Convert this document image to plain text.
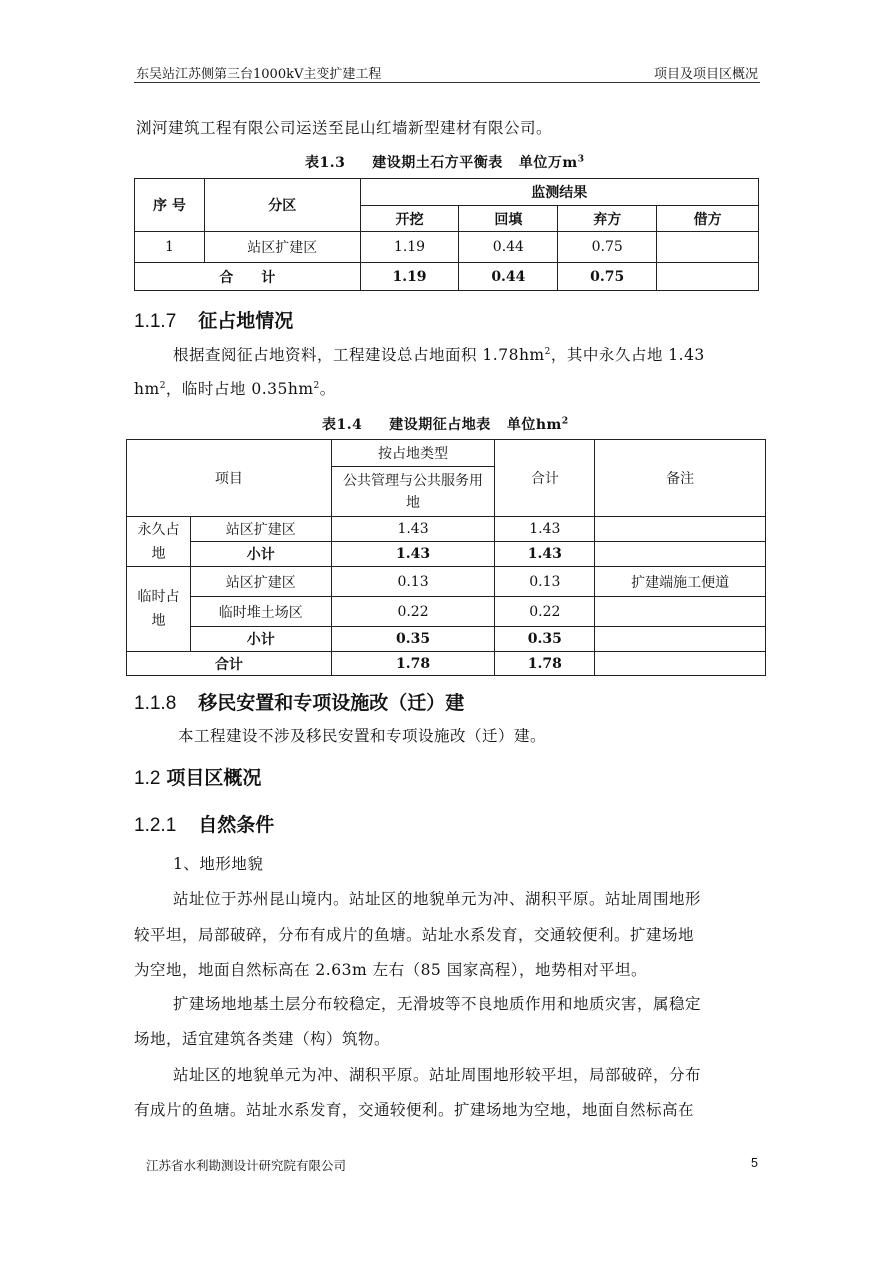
东吴站江苏侧第三台1000kV主变扩建工程	项目及项目区概况
浏河建筑工程有限公司运送至昆山红墙新型建材有限公司。
表1.3 建设期土石方平衡表 单位万$m^3$
序 号	分区	监测结果			
		开挖	回填	弃方	借方
1	站区扩建区	1.19	0.44	0.75	
合　　计		1.19	0.44	0.75	
1.1.7 征占地情况
根据查阅征占地资料，工程建设总占地面积 $1.78hm^2$，其中永久占地 1.43
$hm^2$，临时占地 $0.35hm^2$。
表1.4 建设期征占地表 单位$hm^2$
项目		按占地类型	合计	备注
		公共管理与公共服务用地		
永久占地	站区扩建区	1.43	1.43	
	小计	1.43	1.43	
临时占地	站区扩建区	0.13	0.13	扩建端施工便道
	临时堆土场区	0.22	0.22	
	小计	0.35	0.35	
合计		1.78	1.78	
1.1.8 移民安置和专项设施改（迁）建
本工程建设不涉及移民安置和专项设施改（迁）建。
1.2 项目区概况
1.2.1 自然条件
1、地形地貌
站址位于苏州昆山境内。站址区的地貌单元为冲、湖积平原。站址周围地形
较平坦，局部破碎，分布有成片的鱼塘。站址水系发育，交通较便利。扩建场地
为空地，地面自然标高在 2.63m 左右（85 国家高程），地势相对平坦。
扩建场地地基土层分布较稳定，无滑坡等不良地质作用和地质灾害，属稳定
场地，适宜建筑各类建（构）筑物。
站址区的地貌单元为冲、湖积平原。站址周围地形较平坦，局部破碎，分布
有成片的鱼塘。站址水系发育，交通较便利。扩建场地为空地，地面自然标高在
江苏省水利勘测设计研究院有限公司	5
